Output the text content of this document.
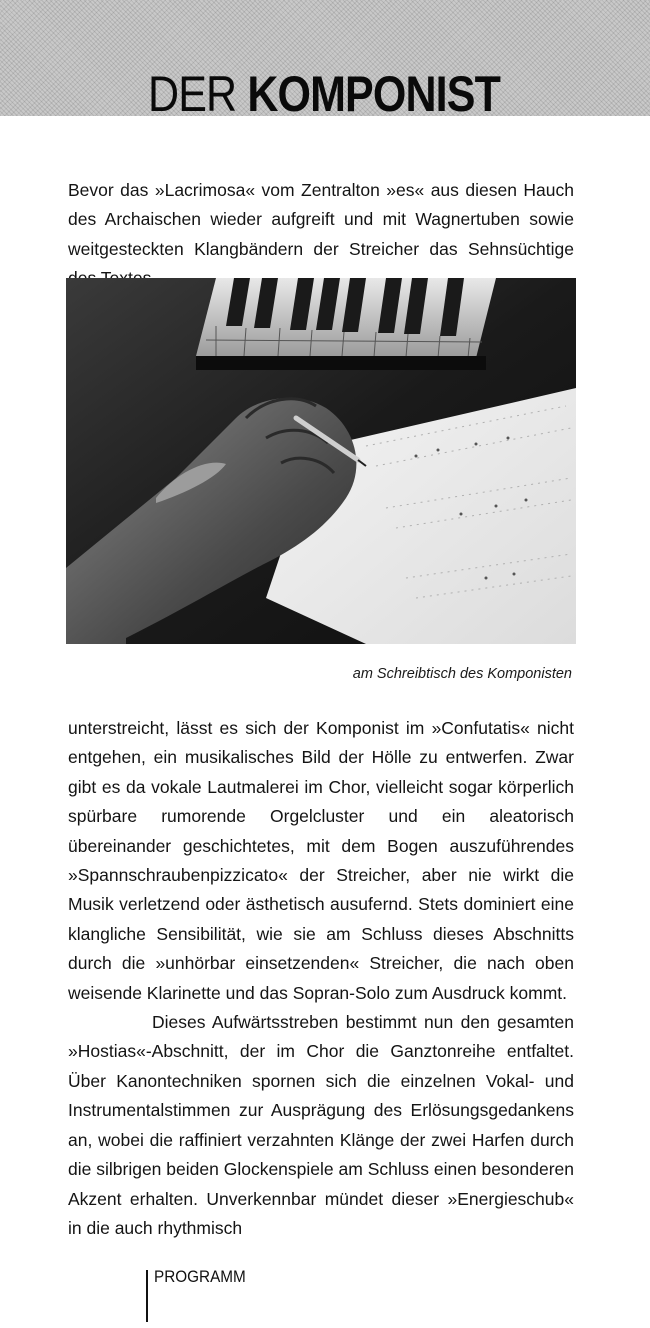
DER KOMPONIST

Bevor das »Lacrimosa« vom Zentralton »es« aus diesen Hauch des Archaischen wieder aufgreift und mit Wagnertuben sowie weitgesteckten Klangbändern der Streicher das Sehnsüchtige

am Schreibtisch des Komponisten

unterstreicht, lässt es sich der Komponist im »Confutatis« nicht entgehen, ein musikalisches Bild der Hölle zu entwerfen. Zwar gibt es da vokale Lautmalerei im Chor, vielleicht sogar körperlich spürbare rumorende Orgelcluster und ein aleatorisch übereinander geschichtetes, mit dem Bogen auszuführendes »Spannschraubenpizzicato« der Streicher, aber nie wirkt die Musik verletzend oder ästhetisch ausufernd. Stets dominiert eine klangliche Sensibilität, wie sie am Schluss dieses Abschnitts durch die »unhörbar einsetzenden« Streicher, die nach oben weisende Klarinette und das Sopran-Solo zum Ausdruck kommt.

Dieses Aufwärtsstreben bestimmt nun den gesamten »Hostias«-Abschnitt, der im Chor die Ganztonreihe entfaltet. Über Kanontechniken spornen sich die einzelnen Vokal- und Instrumentalstimmen zur Ausprägung des Erlösungsgedankens an, wobei die raffiniert verzahnten Klänge der zwei Harfen durch die silbrigen beiden Glockenspiele am Schluss einen besonderen Akzent erhalten. Unverkennbar mündet dieser »Energieschub« in die auch rhythmisch

PROGRAMM
